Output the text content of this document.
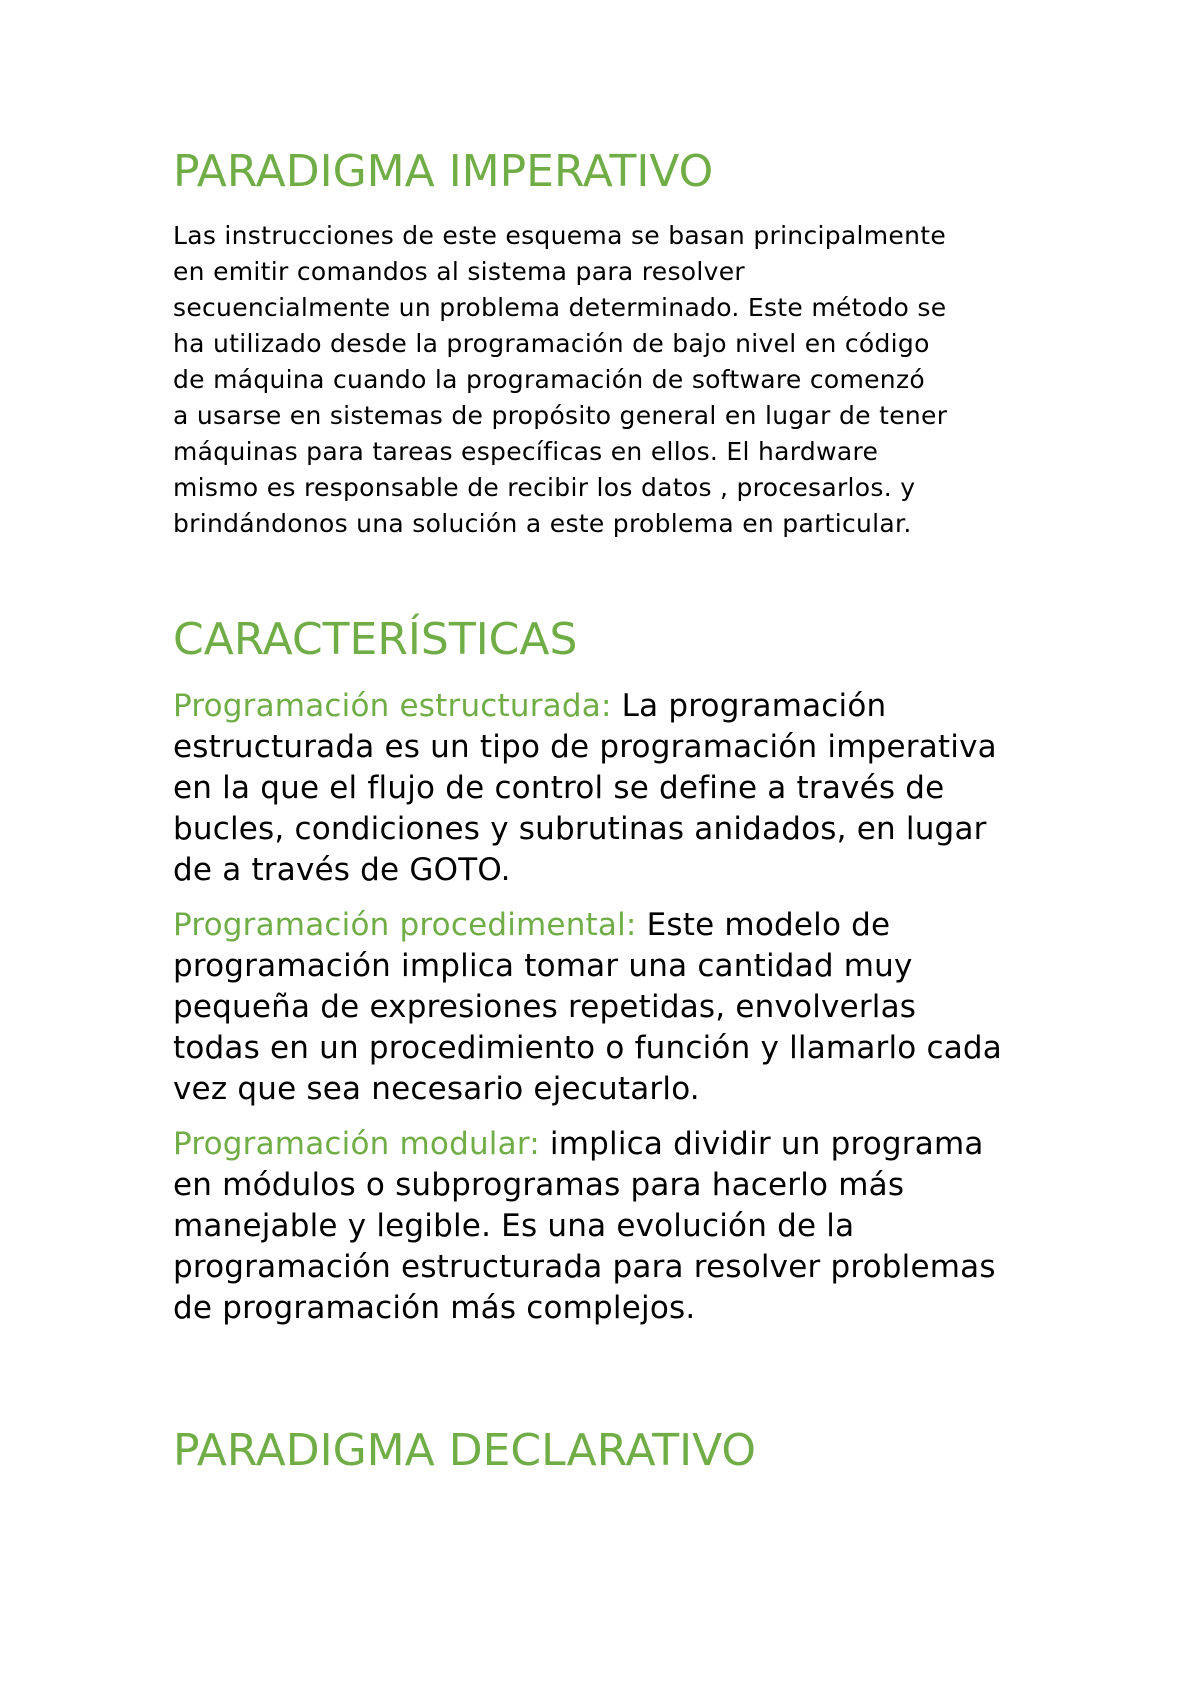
PARADIGMA IMPERATIVO

Las instrucciones de este esquema se basan principalmente
en emitir comandos al sistema para resolver
secuencialmente un problema determinado. Este método se
ha utilizado desde la programación de bajo nivel en código
de máquina cuando la programación de software comenzó
a usarse en sistemas de propósito general en lugar de tener
máquinas para tareas específicas en ellos. El hardware
mismo es responsable de recibir los datos , procesarlos. y
brindándonos una solución a este problema en particular.

CARACTERÍSTICAS

Programación estructurada: La programación
estructurada es un tipo de programación imperativa
en la que el flujo de control se define a través de
bucles, condiciones y subrutinas anidados, en lugar
de a través de GOTO.

Programación procedimental: Este modelo de
programación implica tomar una cantidad muy
pequeña de expresiones repetidas, envolverlas
todas en un procedimiento o función y llamarlo cada
vez que sea necesario ejecutarlo.

Programación modular: implica dividir un programa
en módulos o subprogramas para hacerlo más
manejable y legible. Es una evolución de la
programación estructurada para resolver problemas
de programación más complejos.

PARADIGMA DECLARATIVO
